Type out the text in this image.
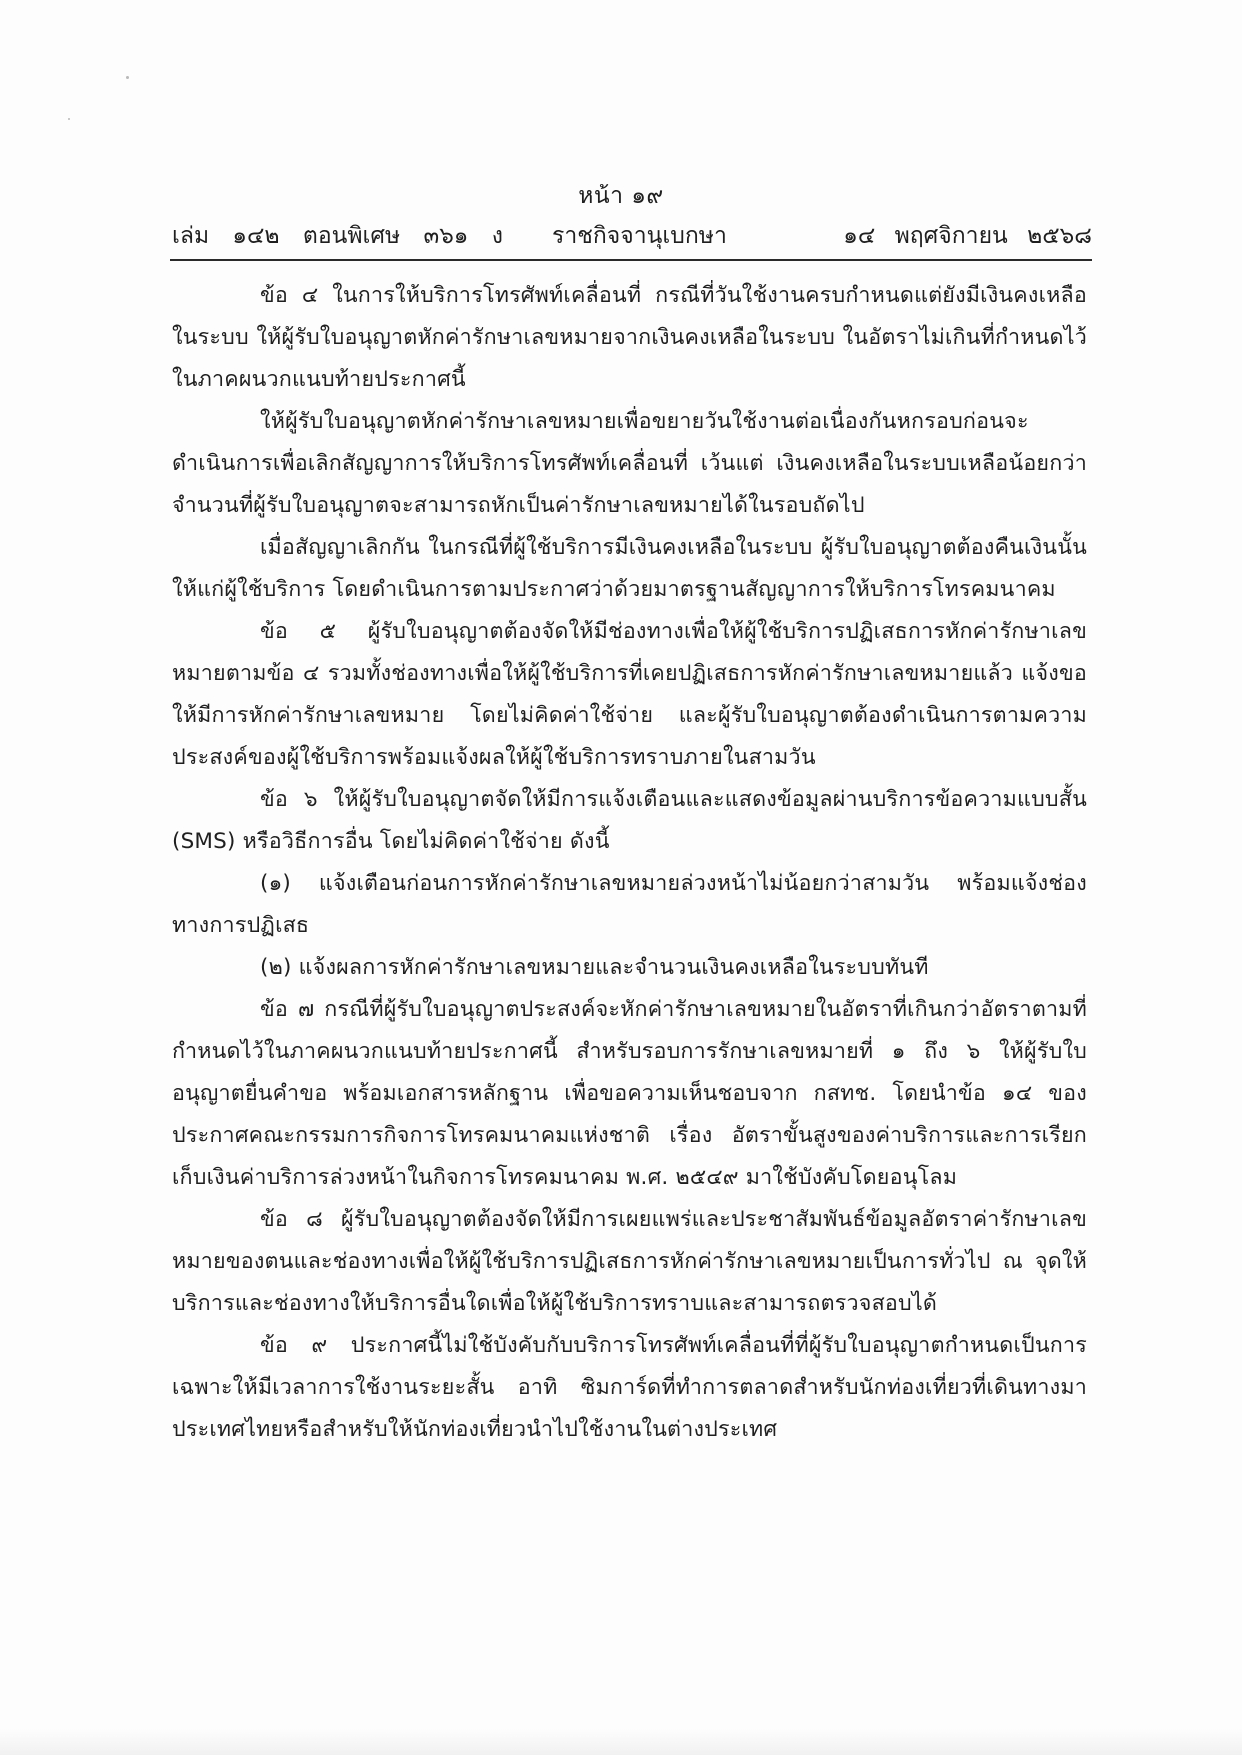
หน้า ๑๙
เล่ม ๑๔๒ ตอนพิเศษ ๓๖๑ ง ราชกิจจานุเบกษา	๑๔ พฤศจิกายน ๒๕๖๘

ข้อ ๔ ในการให้บริการโทรศัพท์เคลื่อนที่ กรณีที่วันใช้งานครบกำหนดแต่ยังมีเงินคงเหลือในระบบ ให้ผู้รับใบอนุญาตหักค่ารักษาเลขหมายจากเงินคงเหลือในระบบ ในอัตราไม่เกินที่กำหนดไว้ในภาคผนวกแนบท้ายประกาศนี้

ให้ผู้รับใบอนุญาตหักค่ารักษาเลขหมายเพื่อขยายวันใช้งานต่อเนื่องกันหกรอบก่อนจะดำเนินการเพื่อเลิกสัญญาการให้บริการโทรศัพท์เคลื่อนที่ เว้นแต่ เงินคงเหลือในระบบเหลือน้อยกว่าจำนวนที่ผู้รับใบอนุญาตจะสามารถหักเป็นค่ารักษาเลขหมายได้ในรอบถัดไป

เมื่อสัญญาเลิกกัน ในกรณีที่ผู้ใช้บริการมีเงินคงเหลือในระบบ ผู้รับใบอนุญาตต้องคืนเงินนั้นให้แก่ผู้ใช้บริการ โดยดำเนินการตามประกาศว่าด้วยมาตรฐานสัญญาการให้บริการโทรคมนาคม

ข้อ ๕ ผู้รับใบอนุญาตต้องจัดให้มีช่องทางเพื่อให้ผู้ใช้บริการปฏิเสธการหักค่ารักษาเลขหมายตามข้อ ๔ รวมทั้งช่องทางเพื่อให้ผู้ใช้บริการที่เคยปฏิเสธการหักค่ารักษาเลขหมายแล้ว แจ้งขอให้มีการหักค่ารักษาเลขหมาย โดยไม่คิดค่าใช้จ่าย และผู้รับใบอนุญาตต้องดำเนินการตามความประสงค์ของผู้ใช้บริการพร้อมแจ้งผลให้ผู้ใช้บริการทราบภายในสามวัน

ข้อ ๖ ให้ผู้รับใบอนุญาตจัดให้มีการแจ้งเตือนและแสดงข้อมูลผ่านบริการข้อความแบบสั้น (SMS) หรือวิธีการอื่น โดยไม่คิดค่าใช้จ่าย ดังนี้

(๑) แจ้งเตือนก่อนการหักค่ารักษาเลขหมายล่วงหน้าไม่น้อยกว่าสามวัน พร้อมแจ้งช่องทางการปฏิเสธ

(๒) แจ้งผลการหักค่ารักษาเลขหมายและจำนวนเงินคงเหลือในระบบทันที

ข้อ ๗ กรณีที่ผู้รับใบอนุญาตประสงค์จะหักค่ารักษาเลขหมายในอัตราที่เกินกว่าอัตราตามที่กำหนดไว้ในภาคผนวกแนบท้ายประกาศนี้ สำหรับรอบการรักษาเลขหมายที่ ๑ ถึง ๖ ให้ผู้รับใบอนุญาตยื่นคำขอ พร้อมเอกสารหลักฐาน เพื่อขอความเห็นชอบจาก กสทช. โดยนำข้อ ๑๔ ของประกาศคณะกรรมการกิจการโทรคมนาคมแห่งชาติ เรื่อง อัตราขั้นสูงของค่าบริการและการเรียกเก็บเงินค่าบริการล่วงหน้าในกิจการโทรคมนาคม พ.ศ. ๒๕๔๙ มาใช้บังคับโดยอนุโลม

ข้อ ๘ ผู้รับใบอนุญาตต้องจัดให้มีการเผยแพร่และประชาสัมพันธ์ข้อมูลอัตราค่ารักษาเลขหมายของตนและช่องทางเพื่อให้ผู้ใช้บริการปฏิเสธการหักค่ารักษาเลขหมายเป็นการทั่วไป ณ จุดให้บริการและช่องทางให้บริการอื่นใดเพื่อให้ผู้ใช้บริการทราบและสามารถตรวจสอบได้

ข้อ ๙ ประกาศนี้ไม่ใช้บังคับกับบริการโทรศัพท์เคลื่อนที่ที่ผู้รับใบอนุญาตกำหนดเป็นการเฉพาะให้มีเวลาการใช้งานระยะสั้น อาทิ ซิมการ์ดที่ทำการตลาดสำหรับนักท่องเที่ยวที่เดินทางมาประเทศไทยหรือสำหรับให้นักท่องเที่ยวนำไปใช้งานในต่างประเทศ
